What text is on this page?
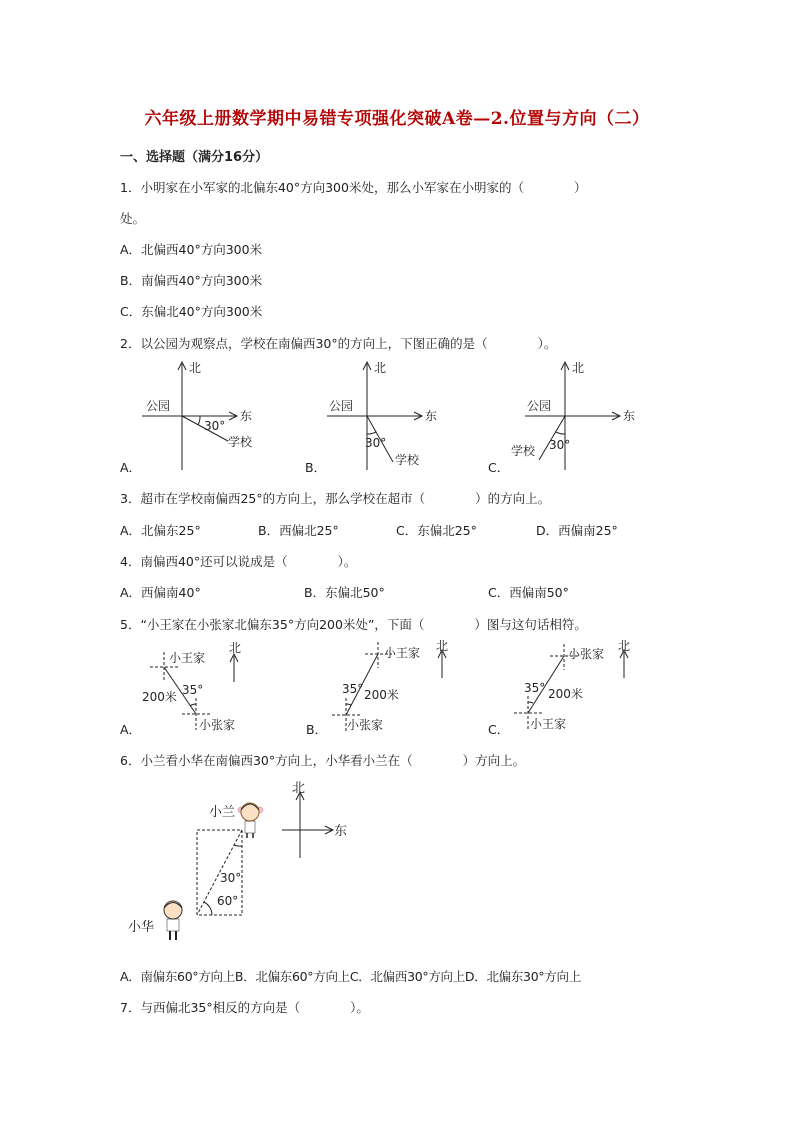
六年级上册数学期中易错专项强化突破A卷—2.位置与方向（二）
一、选择题（满分16分）
1．小明家在小军家的北偏东40°方向300米处，那么小军家在小明家的（　　　　）
处。
A．北偏西40°方向300米
B．南偏西40°方向300米
C．东偏北40°方向300米
2．以公园为观察点，学校在南偏西30°的方向上，下图正确的是（　　　　）。
北
东
公园
30°
学校
A．
北
东
公园
30°
学校
B．
北
东
公园
30°
学校
C．
3．超市在学校南偏西25°的方向上，那么学校在超市（　　　　）的方向上。
A．北偏东25°	B．西偏北25°	C．东偏北25°	D．西偏南25°
4．南偏西40°还可以说成是（　　　　）。
A．西偏南40°	B．东偏北50°	C．西偏南50°
5．“小王家在小张家北偏东35°方向200米处”，下面（　　　　）图与这句话相符。
北
小王家
200米 35°
小张家
A．
北
小王家
200米
35°
小张家
B．
北
小张家
200米
35°
小王家
C．
6．小兰看小华在南偏西30°方向上，小华看小兰在（　　　　）方向上。
30°
60°
小兰
小华
北
东
A．南偏东60°方向上B．北偏东60°方向上C．北偏西30°方向上D．北偏东30°方向上
7．与西偏北35°相反的方向是（　　　　）。
